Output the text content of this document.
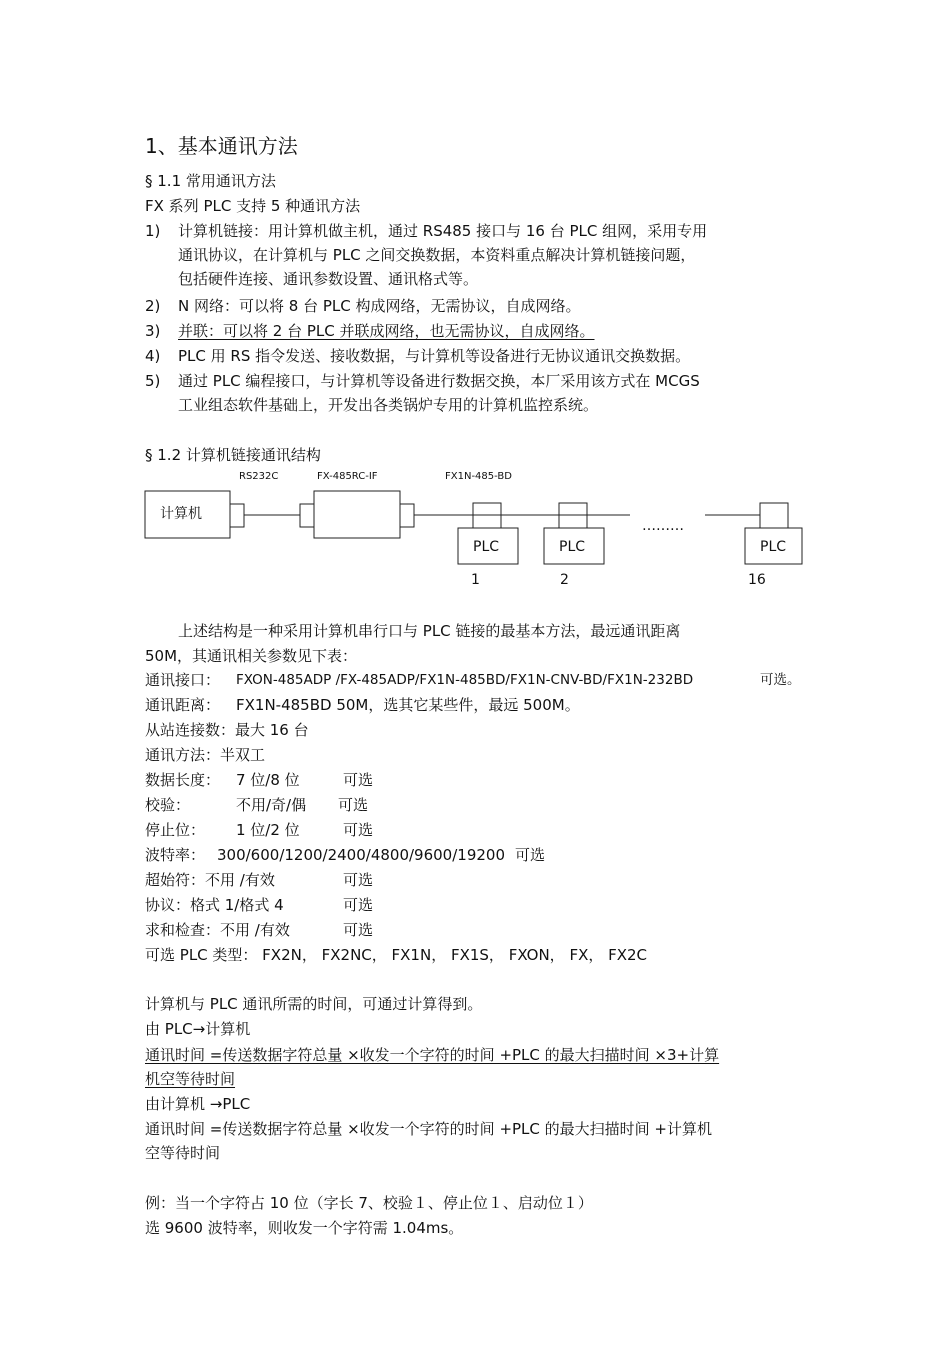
1、基本通讯方法
§ 1.1 常用通讯方法
FX 系列 PLC 支持 5 种通讯方法
1) 计算机链接：用计算机做主机，通过 RS485 接口与 16 台 PLC 组网，采用专用
通讯协议，在计算机与 PLC 之间交换数据，本资料重点解决计算机链接问题，
包括硬件连接、通讯参数设置、通讯格式等。
2) N 网络：可以将 8 台 PLC 构成网络，无需协议，自成网络。
3) 并联：可以将 2 台 PLC 并联成网络，也无需协议，自成网络。
4) PLC 用 RS 指令发送、接收数据，与计算机等设备进行无协议通讯交换数据。
5) 通过 PLC 编程接口，与计算机等设备进行数据交换，本厂采用该方式在 MCGS
工业组态软件基础上，开发出各类锅炉专用的计算机监控系统。
§ 1.2 计算机链接通讯结构
RS232C	FX-485RC-IF	FX1N-485-BD
计算机
PLC	PLC	PLC
………
1	2	16
上述结构是一种采用计算机串行口与 PLC 链接的最基本方法，最远通讯距离
50M，其通讯相关参数见下表：
通讯接口： FXON-485ADP /FX-485ADP/FX1N-485BD/FX1N-CNV-BD/FX1N-232BD	可选。
通讯距离： FX1N-485BD 50M，选其它某些件，最远 500M。
从站连接数：最大 16 台
通讯方法：半双工
数据长度： 7 位/8 位	可选
校验：	不用/奇/偶 可选
停止位： 1 位/2 位	可选
波特率： 300/600/1200/2400/4800/9600/19200 可选
超始符：不用 /有效	可选
协议：格式 1/格式 4	可选
求和检查：不用 /有效	可选
可选 PLC 类型： FX2N， FX2NC， FX1N， FX1S， FXON， FX， FX2C
计算机与 PLC 通讯所需的时间，可通过计算得到。
由 PLC→计算机
通讯时间 =传送数据字符总量 ×收发一个字符的时间 +PLC 的最大扫描时间 ×3+计算
机空等待时间
由计算机 →PLC
通讯时间 =传送数据字符总量 ×收发一个字符的时间 +PLC 的最大扫描时间 +计算机
空等待时间
例：当一个字符占 10 位（字长 7、校验１、停止位１、启动位１）
选 9600 波特率，则收发一个字符需 1.04ms。
